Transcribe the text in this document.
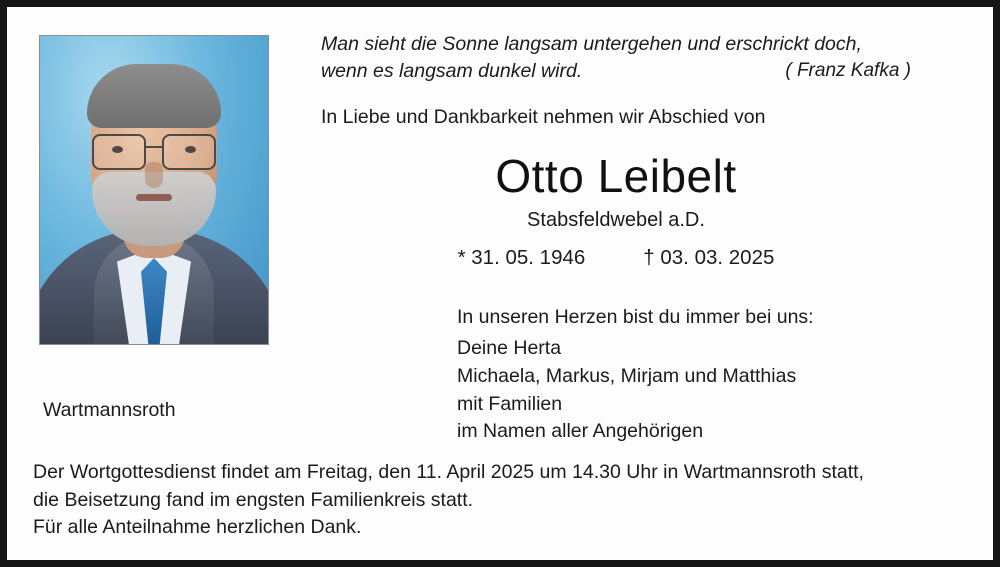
Wartmannsroth
Man sieht die Sonne langsam untergehen und erschrickt doch, wenn es langsam dunkel wird.	( Franz Kafka )
In Liebe und Dankbarkeit nehmen wir Abschied von
Otto Leibelt
Stabsfeldwebel a.D.
* 31. 05. 1946	† 03. 03. 2025
In unseren Herzen bist du immer bei uns:
Deine Herta
Michaela, Markus, Mirjam und Matthias
mit Familien
im Namen aller Angehörigen
Der Wortgottesdienst findet am Freitag, den 11. April 2025 um 14.30 Uhr in Wartmannsroth statt,
die Beisetzung fand im engsten Familienkreis statt.
Für alle Anteilnahme herzlichen Dank.
